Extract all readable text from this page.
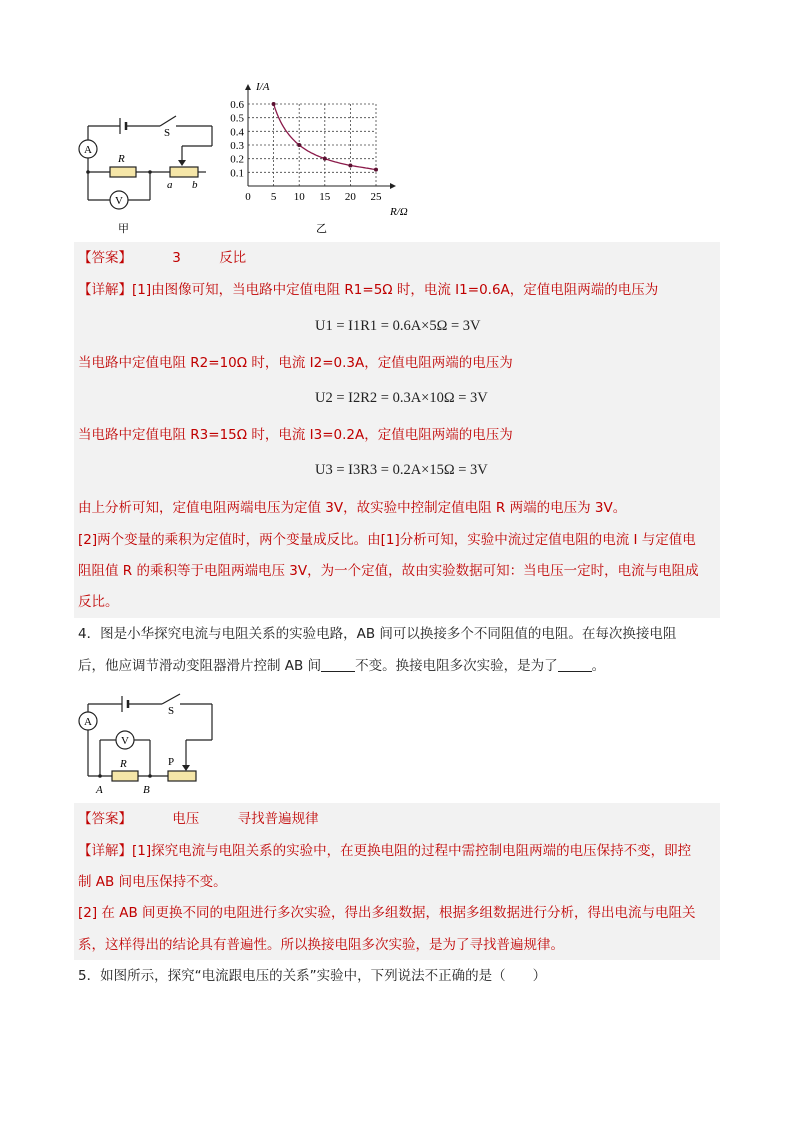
A
V
R
S
a b
甲
0 5 10 15 20 25
0.1
0.2
0.3
0.4
0.5
0.6
I/A
R/Ω
乙
【答案】	3	反比
【详解】[1]由图像可知，当电路中定值电阻 R1=5Ω 时，电流 I1=0.6A，定值电阻两端的电压为
U1 = I1R1 = 0.6A×5Ω = 3V
当电路中定值电阻 R2=10Ω 时，电流 I2=0.3A，定值电阻两端的电压为
U2 = I2R2 = 0.3A×10Ω = 3V
当电路中定值电阻 R3=15Ω 时，电流 I3=0.2A，定值电阻两端的电压为
U3 = I3R3 = 0.2A×15Ω = 3V
由上分析可知，定值电阻两端电压为定值 3V，故实验中控制定值电阻 R 两端的电压为 3V。
[2]两个变量的乘积为定值时，两个变量成反比。由[1]分析可知，实验中流过定值电阻的电流 I 与定值电
阻阻值 R 的乘积等于电阻两端电压 3V，为一个定值，故由实验数据可知：当电压一定时，电流与电阻成
反比。
4．图是小华探究电流与电阻关系的实验电路，AB 间可以换接多个不同阻值的电阻。在每次换接电阻
后，他应调节滑动变阻器滑片控制 AB 间	不变。换接电阻多次实验，是为了	。
A
V
R
S
P
A	B
【答案】	电压	寻找普遍规律
【详解】[1]探究电流与电阻关系的实验中，在更换电阻的过程中需控制电阻两端的电压保持不变，即控
制 AB 间电压保持不变。
[2] 在 AB 间更换不同的电阻进行多次实验，得出多组数据，根据多组数据进行分析，得出电流与电阻关
系，这样得出的结论具有普遍性。所以换接电阻多次实验，是为了寻找普遍规律。
5．如图所示，探究“电流跟电压的关系”实验中，下列说法不正确的是（　　）
